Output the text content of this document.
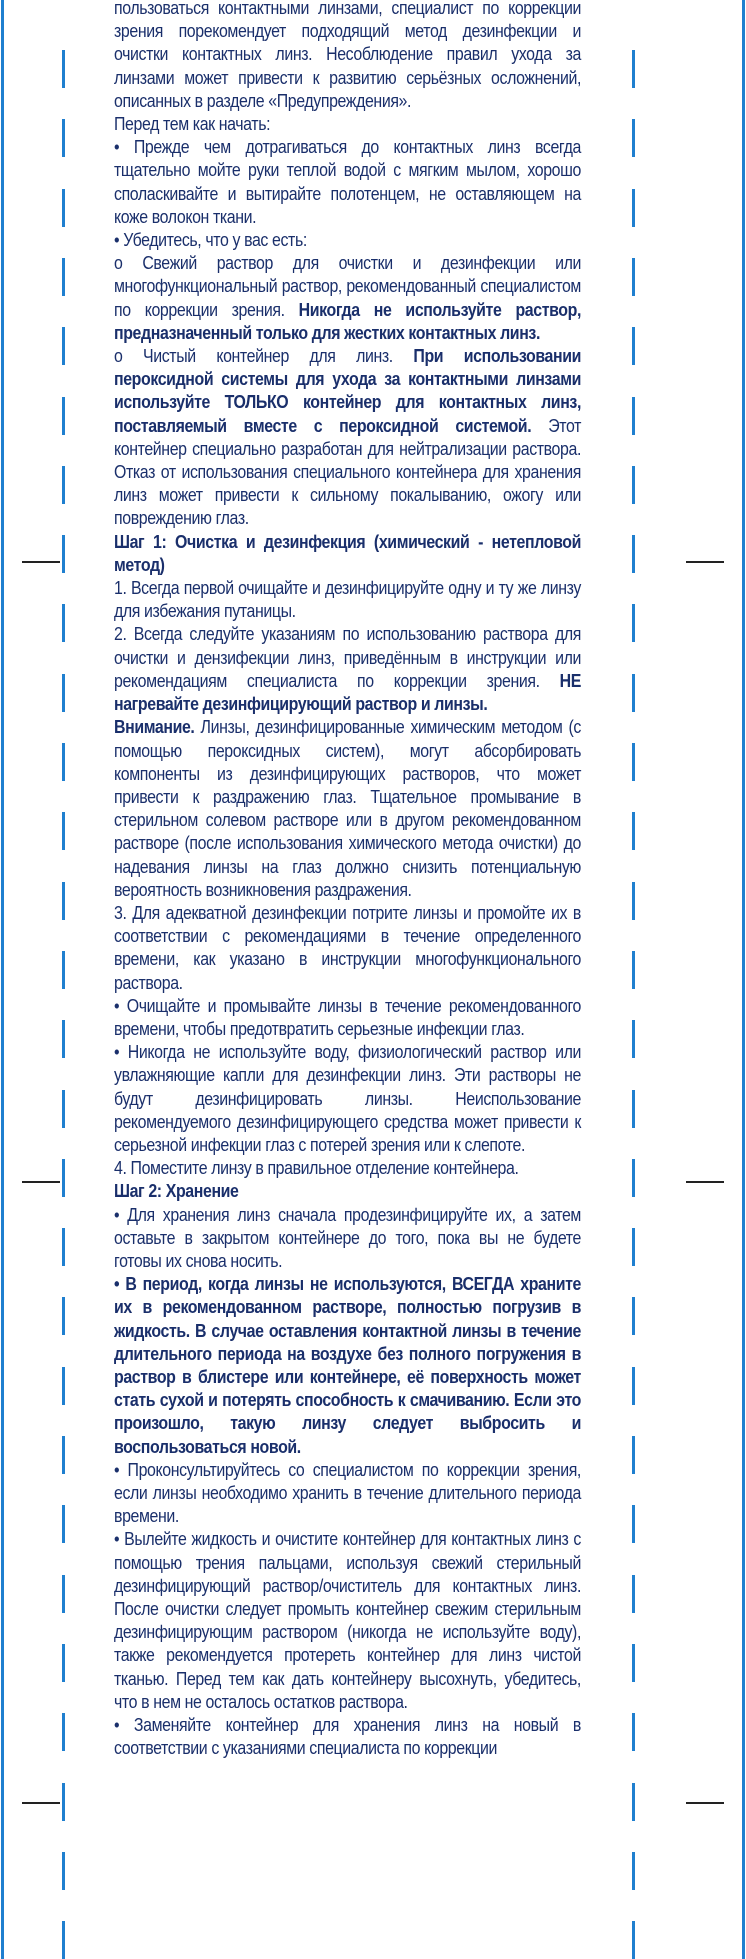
пользоваться контактными линзами, специалист по коррекции зрения порекомендует подходящий метод дезинфекции и очистки контактных линз. Несоблюдение правил ухода за линзами может привести к развитию серьёзных осложнений, описанных в разделе «Предупреждения».

Перед тем как начать:

• Прежде чем дотрагиваться до контактных линз всегда тщательно мойте руки теплой водой с мягким мылом, хорошо споласкивайте и вытирайте полотенцем, не оставляющем на коже волокон ткани.

• Убедитесь, что у вас есть:

о Свежий раствор для очистки и дезинфекции или многофункциональный раствор, рекомендованный специалистом по коррекции зрения. Никогда не используйте раствор, предназначенный только для жестких контактных линз.

о Чистый контейнер для линз. При использовании пероксидной системы для ухода за контактными линзами используйте ТОЛЬКО контейнер для контактных линз, поставляемый вместе с пероксидной системой. Этот контейнер специально разработан для нейтрализации раствора. Отказ от использования специального контейнера для хранения линз может привести к сильному покалыванию, ожогу или повреждению глаз.

Шаг 1: Очистка и дезинфекция (химический - нетепловой метод)

1. Всегда первой очищайте и дезинфицируйте одну и ту же линзу для избежания путаницы.

2. Всегда следуйте указаниям по использованию раствора для очистки и дензифекции линз, приведённым в инструкции или рекомендациям специалиста по коррекции зрения. НЕ нагревайте дезинфицирующий раствор и линзы.

Внимание. Линзы, дезинфицированные химическим методом (с помощью пероксидных систем), могут абсорбировать компоненты из дезинфицирующих растворов, что может привести к раздражению глаз. Тщательное промывание в стерильном солевом растворе или в другом рекомендованном растворе (после использования химического метода очистки) до надевания линзы на глаз должно снизить потенциальную вероятность возникновения раздражения.

3. Для адекватной дезинфекции потрите линзы и промойте их в соответствии с рекомендациями в течение определенного времени, как указано в инструкции многофункционального раствора.

• Очищайте и промывайте линзы в течение рекомендованного времени, чтобы предотвратить серьезные инфекции глаз.

• Никогда не используйте воду, физиологический раствор или увлажняющие капли для дезинфекции линз. Эти растворы не будут дезинфицировать линзы. Неиспользование рекомендуемого дезинфицирующего средства может привести к серьезной инфекции глаз с потерей зрения или к слепоте.

4. Поместите линзу в правильное отделение контейнера.

Шаг 2: Хранение

• Для хранения линз сначала продезинфицируйте их, а затем оставьте в закрытом контейнере до того, пока вы не будете готовы их снова носить.

• В период, когда линзы не используются, ВСЕГДА храните их в рекомендованном растворе, полностью погрузив в жидкость. В случае оставления контактной линзы в течение длительного периода на воздухе без полного погружения в раствор в блистере или контейнере, её поверхность может стать сухой и потерять способность к смачиванию. Если это произошло, такую линзу следует выбросить и воспользоваться новой.

• Проконсультируйтесь со специалистом по коррекции зрения, если линзы необходимо хранить в течение длительного периода времени.

• Вылейте жидкость и очистите контейнер для контактных линз с помощью трения пальцами, используя свежий стерильный дезинфицирующий раствор/очиститель для контактных линз. После очистки следует промыть контейнер свежим стерильным дезинфицирующим раствором (никогда не используйте воду), также рекомендуется протереть контейнер для линз чистой тканью. Перед тем как дать контейнеру высохнуть, убедитесь, что в нем не осталось остатков раствора.

• Заменяйте контейнер для хранения линз на новый в соответствии с указаниями специалиста по коррекции
